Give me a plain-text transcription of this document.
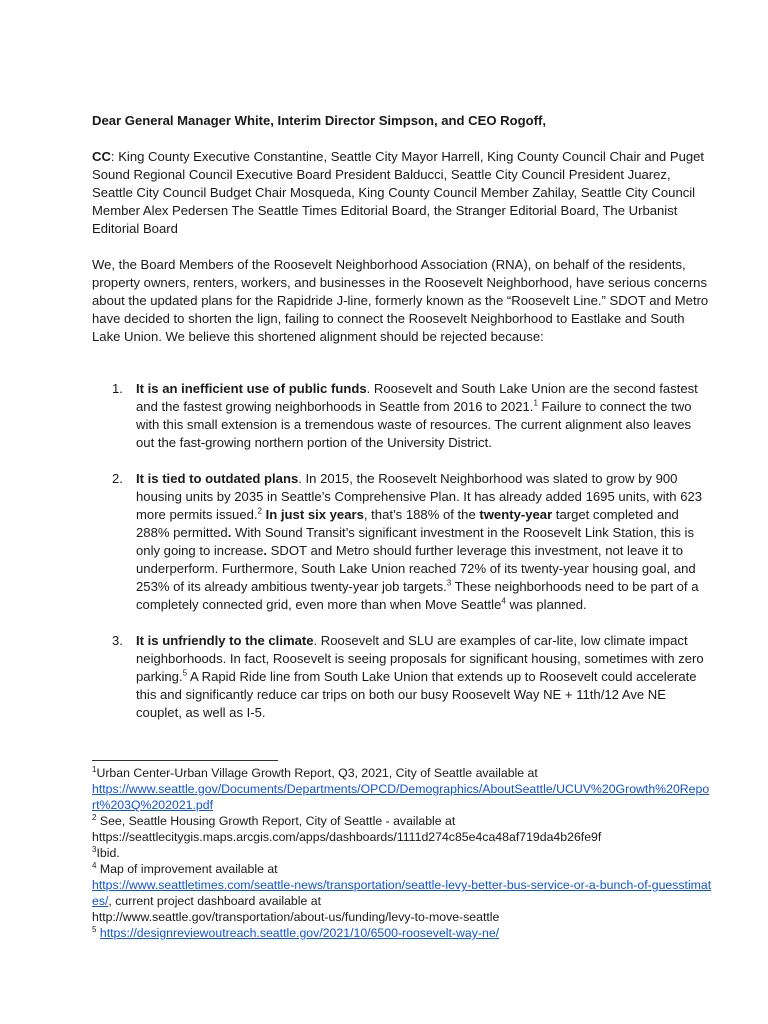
Dear General Manager White, Interim Director Simpson, and CEO Rogoff,
CC: King County Executive Constantine, Seattle City Mayor Harrell, King County Council Chair and Puget Sound Regional Council Executive Board President Balducci, Seattle City Council President Juarez, Seattle City Council Budget Chair Mosqueda, King County Council Member Zahilay, Seattle City Council Member Alex Pedersen The Seattle Times Editorial Board, the Stranger Editorial Board, The Urbanist Editorial Board
We, the Board Members of the Roosevelt Neighborhood Association (RNA), on behalf of the residents, property owners, renters, workers, and businesses in the Roosevelt Neighborhood, have serious concerns about the updated plans for the Rapidride J-line, formerly known as the “Roosevelt Line.” SDOT and Metro have decided to shorten the lign, failing to connect the Roosevelt Neighborhood to Eastlake and South Lake Union. We believe this shortened alignment should be rejected because:
1. It is an inefficient use of public funds. Roosevelt and South Lake Union are the second fastest and the fastest growing neighborhoods in Seattle from 2016 to 2021.$^1$ Failure to connect the two with this small extension is a tremendous waste of resources. The current alignment also leaves out the fast-growing northern portion of the University District.
2. It is tied to outdated plans. In 2015, the Roosevelt Neighborhood was slated to grow by 900 housing units by 2035 in Seattle’s Comprehensive Plan. It has already added 1695 units, with 623 more permits issued.$^2$ In just six years, that’s 188% of the twenty-year target completed and 288% permitted. With Sound Transit’s significant investment in the Roosevelt Link Station, this is only going to increase. SDOT and Metro should further leverage this investment, not leave it to underperform. Furthermore, South Lake Union reached 72% of its twenty-year housing goal, and 253% of its already ambitious twenty-year job targets.$^3$ These neighborhoods need to be part of a completely connected grid, even more than when Move Seattle$^4$ was planned.
3. It is unfriendly to the climate. Roosevelt and SLU are examples of car-lite, low climate impact neighborhoods. In fact, Roosevelt is seeing proposals for significant housing, sometimes with zero parking.$^5$ A Rapid Ride line from South Lake Union that extends up to Roosevelt could accelerate this and significantly reduce car trips on both our busy Roosevelt Way NE + 11th/12 Ave NE couplet, as well as I-5.
$^1$Urban Center-Urban Village Growth Report, Q3, 2021, City of Seattle available at
https://www.seattle.gov/Documents/Departments/OPCD/Demographics/AboutSeattle/UCUV%20Growth%20Report%203Q%202021.pdf
$^2$ See, Seattle Housing Growth Report, City of Seattle - available at
https://seattlecitygis.maps.arcgis.com/apps/dashboards/1111d274c85e4ca48af719da4b26fe9f
$^3$Ibid.
$^4$ Map of improvement available at
https://www.seattletimes.com/seattle-news/transportation/seattle-levy-better-bus-service-or-a-bunch-of-guesstimates/, current project dashboard available at
http://www.seattle.gov/transportation/about-us/funding/levy-to-move-seattle
$^5$ https://designreviewoutreach.seattle.gov/2021/10/6500-roosevelt-way-ne/
